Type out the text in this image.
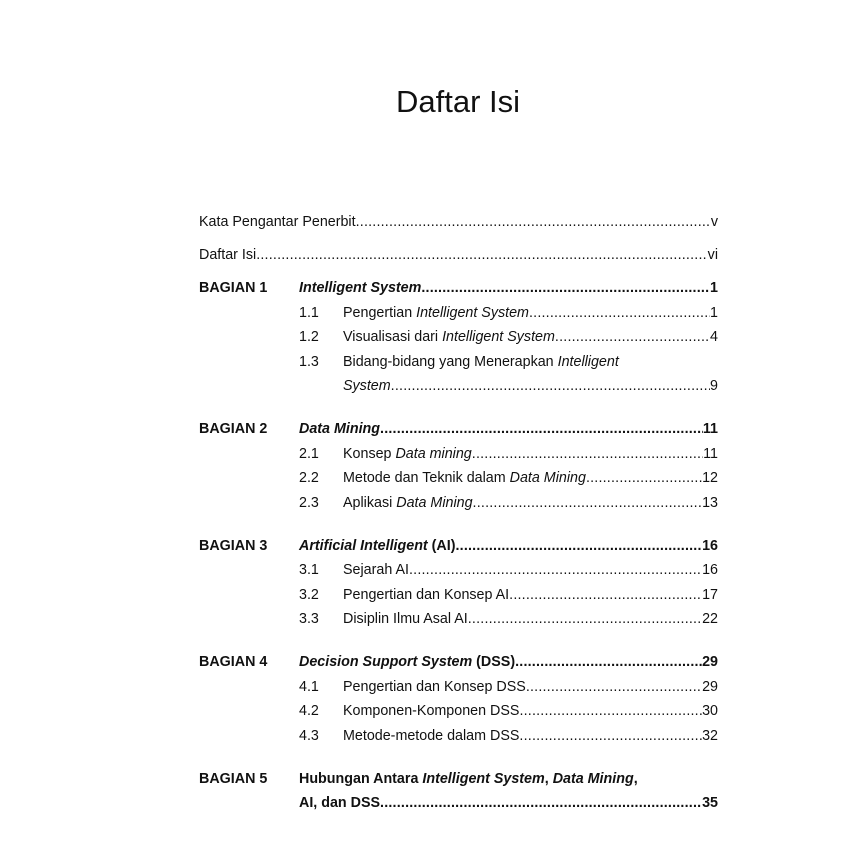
Daftar Isi
Kata Pengantar Penerbit .....	v
Daftar Isi .....	vi
BAGIAN 1	Intelligent System .....	1
1.1	Pengertian Intelligent System .....	1
1.2	Visualisasi dari Intelligent System .....	4
1.3	Bidang-bidang yang Menerapkan Intelligent
System .....	9
BAGIAN 2	Data Mining .....	11
2.1	Konsep Data mining .....	11
2.2	Metode dan Teknik dalam Data Mining .....	12
2.3	Aplikasi Data Mining .....	13
BAGIAN 3	Artificial Intelligent (AI) .....	16
3.1	Sejarah AI .....	16
3.2	Pengertian dan Konsep AI .....	17
3.3	Disiplin Ilmu Asal AI .....	22
BAGIAN 4	Decision Support System (DSS) .....	29
4.1	Pengertian dan Konsep DSS .....	29
4.2	Komponen-Komponen DSS .....	30
4.3	Metode-metode dalam DSS .....	32
BAGIAN 5	Hubungan Antara Intelligent System, Data Mining,
AI, dan DSS .....	35
